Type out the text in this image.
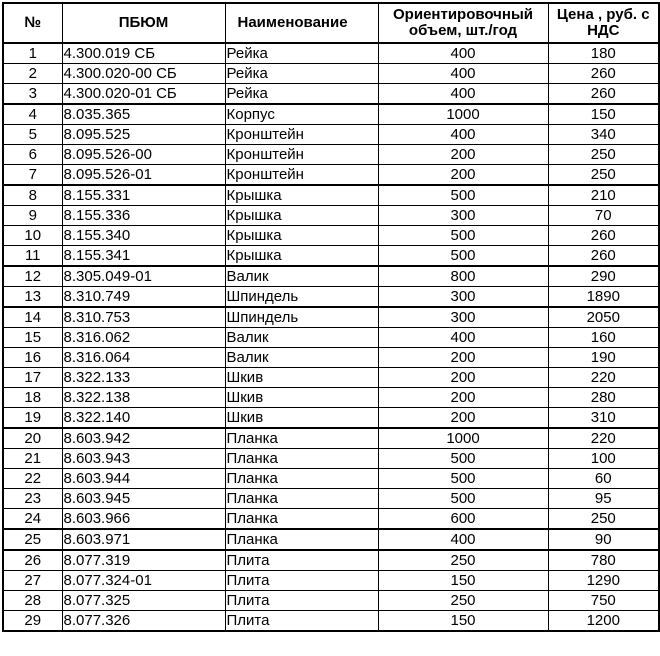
№	ПБЮМ	Наименование	Ориентировочный объем, шт./год	Цена , руб. с НДС
1	4.300.019 СБ	Рейка	400	180
2	4.300.020-00 СБ	Рейка	400	260
3	4.300.020-01 СБ	Рейка	400	260
4	8.035.365	Корпус	1000	150
5	8.095.525	Кронштейн	400	340
6	8.095.526-00	Кронштейн	200	250
7	8.095.526-01	Кронштейн	200	250
8	8.155.331	Крышка	500	210
9	8.155.336	Крышка	300	70
10	8.155.340	Крышка	500	260
11	8.155.341	Крышка	500	260
12	8.305.049-01	Валик	800	290
13	8.310.749	Шпиндель	300	1890
14	8.310.753	Шпиндель	300	2050
15	8.316.062	Валик	400	160
16	8.316.064	Валик	200	190
17	8.322.133	Шкив	200	220
18	8.322.138	Шкив	200	280
19	8.322.140	Шкив	200	310
20	8.603.942	Планка	1000	220
21	8.603.943	Планка	500	100
22	8.603.944	Планка	500	60
23	8.603.945	Планка	500	95
24	8.603.966	Планка	600	250
25	8.603.971	Планка	400	90
26	8.077.319	Плита	250	780
27	8.077.324-01	Плита	150	1290
28	8.077.325	Плита	250	750
29	8.077.326	Плита	150	1200
